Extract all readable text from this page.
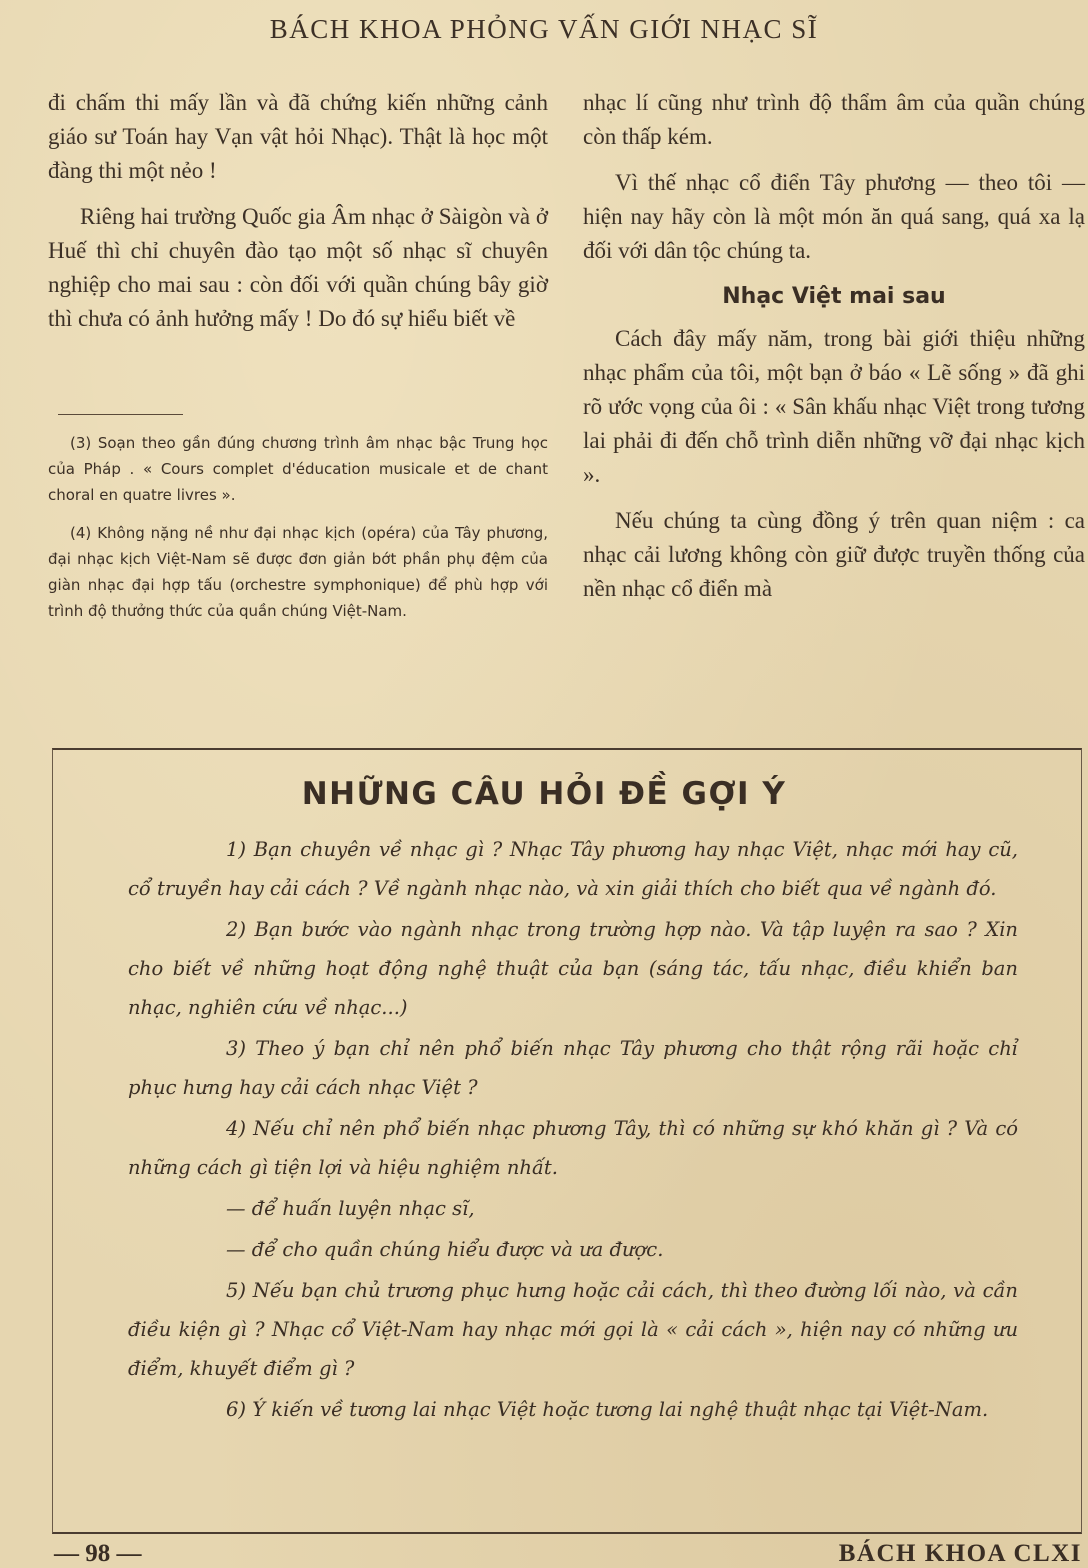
BÁCH KHOA PHỎNG VẤN GIỚI NHẠC SĨ

đi chấm thi mấy lần và đã chứng kiến những cảnh giáo sư Toán hay Vạn vật hỏi Nhạc). Thật là học một đàng thi một nẻo !

Riêng hai trường Quốc gia Âm nhạc ở Sàigòn và ở Huế thì chỉ chuyên đào tạo một số nhạc sĩ chuyên nghiệp cho mai sau : còn đối với quần chúng bây giờ thì chưa có ảnh hưởng mấy ! Do đó sự hiểu biết về

(3) Soạn theo gần đúng chương trình âm nhạc bậc Trung học của Pháp . « Cours complet d'éducation musicale et de chant choral en quatre livres ».

(4) Không nặng nề như đại nhạc kịch (opéra) của Tây phương, đại nhạc kịch Việt-Nam sẽ được đơn giản bớt phần phụ đệm của giàn nhạc đại hợp tấu (orchestre symphonique) để phù hợp với trình độ thưởng thức của quần chúng Việt-Nam.

nhạc lí cũng như trình độ thẩm âm của quần chúng còn thấp kém.

Vì thế nhạc cổ điển Tây phương — theo tôi — hiện nay hãy còn là một món ăn quá sang, quá xa lạ đối với dân tộc chúng ta.

Nhạc Việt mai sau

Cách đây mấy năm, trong bài giới thiệu những nhạc phẩm của tôi, một bạn ở báo « Lẽ sống » đã ghi rõ ước vọng của ôi : « Sân khấu nhạc Việt trong tương lai phải đi đến chỗ trình diễn những vỡ đại nhạc kịch ».

Nếu chúng ta cùng đồng ý trên quan niệm : ca nhạc cải lương không còn giữ được truyền thống của nền nhạc cổ điển mà

NHỮNG CÂU HỎI ĐỀ GỢI Ý

1) Bạn chuyên về nhạc gì ? Nhạc Tây phương hay nhạc Việt, nhạc mới hay cũ, cổ truyền hay cải cách ? Về ngành nhạc nào, và xin giải thích cho biết qua về ngành đó.

2) Bạn bước vào ngành nhạc trong trường hợp nào. Và tập luyện ra sao ? Xin cho biết về những hoạt động nghệ thuật của bạn (sáng tác, tấu nhạc, điều khiển ban nhạc, nghiên cứu về nhạc...)

3) Theo ý bạn chỉ nên phổ biến nhạc Tây phương cho thật rộng rãi hoặc chỉ phục hưng hay cải cách nhạc Việt ?

4) Nếu chỉ nên phổ biến nhạc phương Tây, thì có những sự khó khăn gì ? Và có những cách gì tiện lợi và hiệu nghiệm nhất.

— để huấn luyện nhạc sĩ,

— để cho quần chúng hiểu được và ưa được.

5) Nếu bạn chủ trương phục hưng hoặc cải cách, thì theo đường lối nào, và cần điều kiện gì ? Nhạc cổ Việt-Nam hay nhạc mới gọi là « cải cách », hiện nay có những ưu điểm, khuyết điểm gì ?

6) Ý kiến về tương lai nhạc Việt hoặc tương lai nghệ thuật nhạc tại Việt-Nam.

— 98 —	BÁCH KHOA CLXI
